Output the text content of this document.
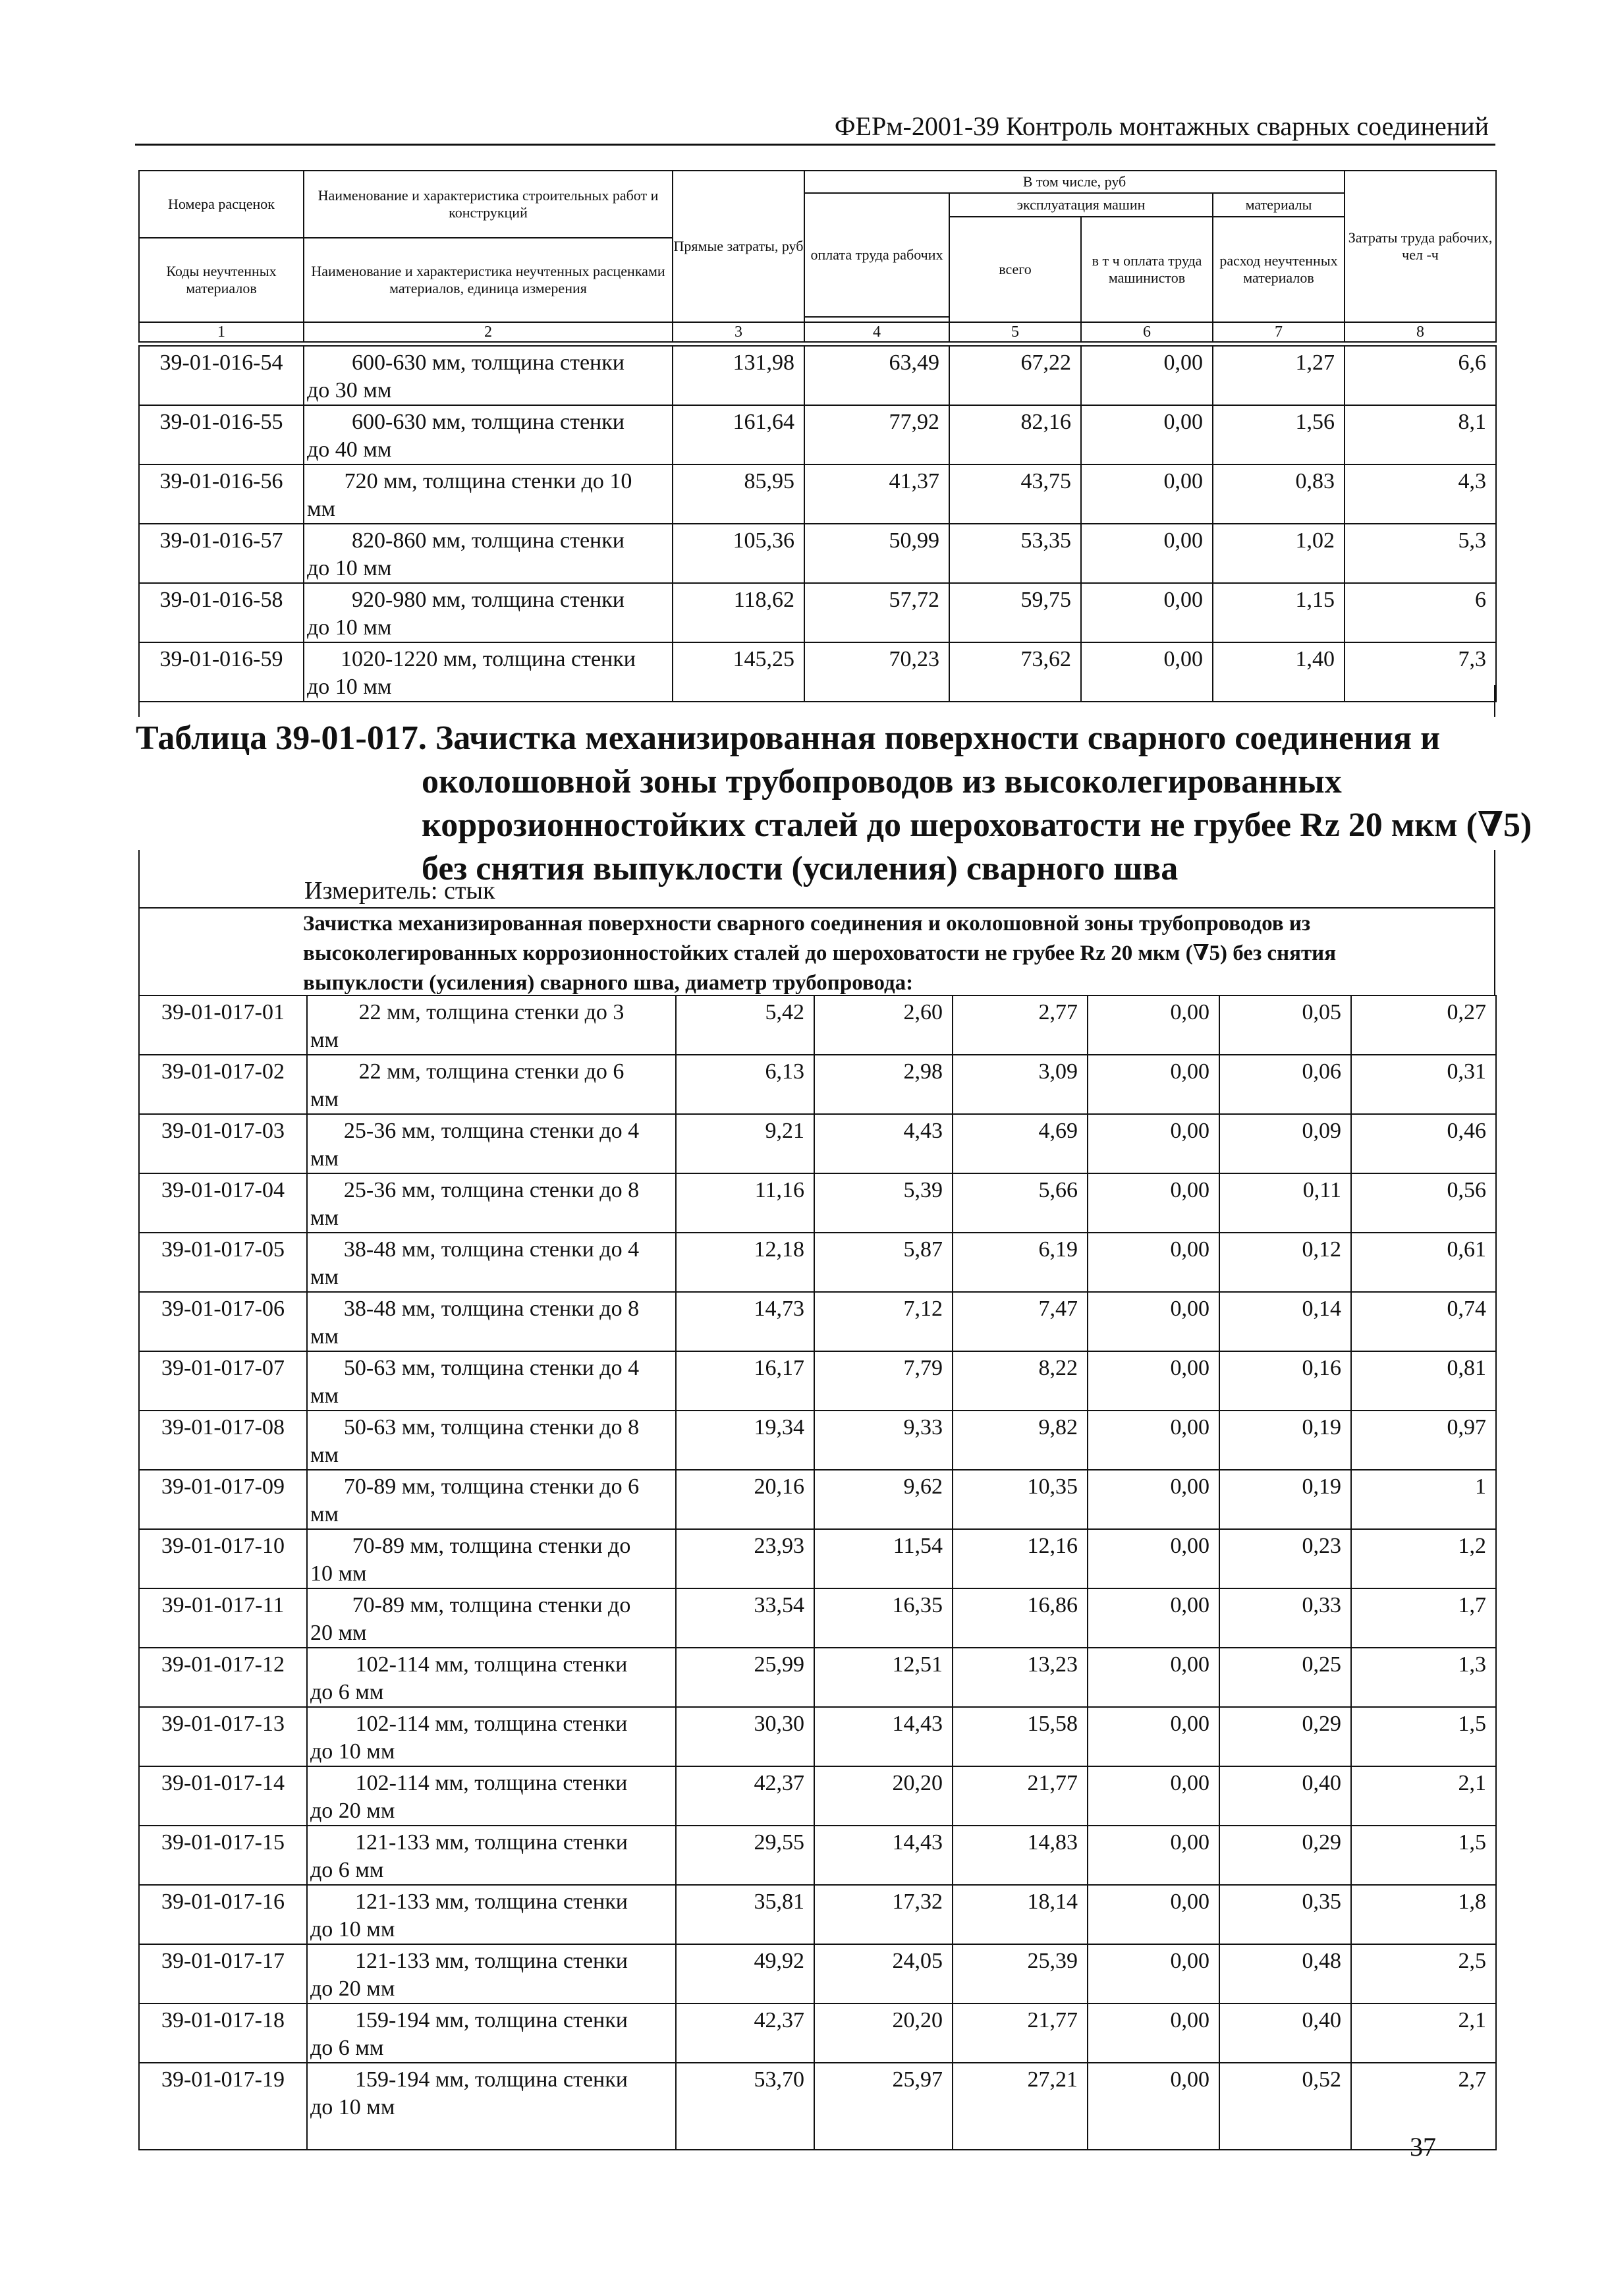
ФЕРм-2001-39 Контроль монтажных сварных соединений
Номера расценок	Наименование и характеристика строительных работ и конструкций	Прямые затраты, руб	В том числе, руб				Затраты труда рабочих, чел -ч
			оплата труда рабочих	эксплуатация машин		материалы	
				всего	в т ч оплата труда машинистов	расход неучтенных материалов	
Коды неучтенных материалов	Наименование и характеристика неучтенных расценками материалов, единица измерения						

1	2	3	4	5	6	7	8
39-01-016-54	600-630 мм, толщина стенки
до 30 мм	131,98	63,49	67,22	0,00	1,27	6,6
39-01-016-55	600-630 мм, толщина стенки
до 40 мм	161,64	77,92	82,16	0,00	1,56	8,1
39-01-016-56	720 мм, толщина стенки до 10
мм	85,95	41,37	43,75	0,00	0,83	4,3
39-01-016-57	820-860 мм, толщина стенки
до 10 мм	105,36	50,99	53,35	0,00	1,02	5,3
39-01-016-58	920-980 мм, толщина стенки
до 10 мм	118,62	57,72	59,75	0,00	1,15	6
39-01-016-59	1020-1220 мм, толщина стенки
до 10 мм	145,25	70,23	73,62	0,00	1,40	7,3
Таблица 39-01-017. Зачистка механизированная поверхности сварного соединения и
околошовной зоны трубопроводов из высоколегированных
коррозионностойких сталей до шероховатости не грубее Rz 20 мкм (∇5)
без снятия выпуклости (усиления) сварного шва
Измеритель: стык
Зачистка механизированная поверхности сварного соединения и околошовной зоны трубопроводов из
высоколегированных коррозионностойких сталей до шероховатости не грубее Rz 20 мкм (∇5) без снятия
выпуклости (усиления) сварного шва, диаметр трубопровода:
39-01-017-01	22 мм, толщина стенки до 3
мм	5,42	2,60	2,77	0,00	0,05	0,27
39-01-017-02	22 мм, толщина стенки до 6
мм	6,13	2,98	3,09	0,00	0,06	0,31
39-01-017-03	25-36 мм, толщина стенки до 4
мм	9,21	4,43	4,69	0,00	0,09	0,46
39-01-017-04	25-36 мм, толщина стенки до 8
мм	11,16	5,39	5,66	0,00	0,11	0,56
39-01-017-05	38-48 мм, толщина стенки до 4
мм	12,18	5,87	6,19	0,00	0,12	0,61
39-01-017-06	38-48 мм, толщина стенки до 8
мм	14,73	7,12	7,47	0,00	0,14	0,74
39-01-017-07	50-63 мм, толщина стенки до 4
мм	16,17	7,79	8,22	0,00	0,16	0,81
39-01-017-08	50-63 мм, толщина стенки до 8
мм	19,34	9,33	9,82	0,00	0,19	0,97
39-01-017-09	70-89 мм, толщина стенки до 6
мм	20,16	9,62	10,35	0,00	0,19	1
39-01-017-10	70-89 мм, толщина стенки до
10 мм	23,93	11,54	12,16	0,00	0,23	1,2
39-01-017-11	70-89 мм, толщина стенки до
20 мм	33,54	16,35	16,86	0,00	0,33	1,7
39-01-017-12	102-114 мм, толщина стенки
до 6 мм	25,99	12,51	13,23	0,00	0,25	1,3
39-01-017-13	102-114 мм, толщина стенки
до 10 мм	30,30	14,43	15,58	0,00	0,29	1,5
39-01-017-14	102-114 мм, толщина стенки
до 20 мм	42,37	20,20	21,77	0,00	0,40	2,1
39-01-017-15	121-133 мм, толщина стенки
до 6 мм	29,55	14,43	14,83	0,00	0,29	1,5
39-01-017-16	121-133 мм, толщина стенки
до 10 мм	35,81	17,32	18,14	0,00	0,35	1,8
39-01-017-17	121-133 мм, толщина стенки
до 20 мм	49,92	24,05	25,39	0,00	0,48	2,5
39-01-017-18	159-194 мм, толщина стенки
до 6 мм	42,37	20,20	21,77	0,00	0,40	2,1
39-01-017-19	159-194 мм, толщина стенки
до 10 мм	53,70	25,97	27,21	0,00	0,52	2,7
37
